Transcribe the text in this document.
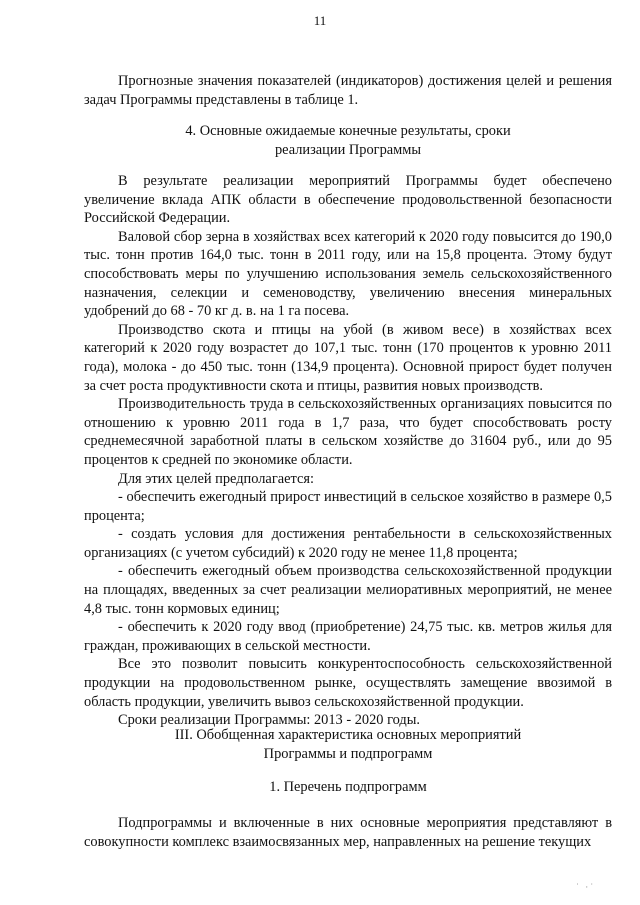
11

Прогнозные значения показателей (индикаторов) достижения целей и решения задач Программы представлены в таблице 1.

4. Основные ожидаемые конечные результаты, сроки

реализации Программы

В результате реализации мероприятий Программы будет обеспечено увеличение вклада АПК области в обеспечение продовольственной безопасности Российской Федерации.

Валовой сбор зерна в хозяйствах всех категорий к 2020 году повысится до 190,0 тыс. тонн против 164,0 тыс. тонн в 2011 году, или на 15,8 процента. Этому будут способствовать меры по улучшению использования земель сельскохозяйственного назначения, селекции и семеноводству, увеличению внесения минеральных удобрений до 68 - 70 кг д. в. на 1 га посева.

Производство скота и птицы на убой (в живом весе) в хозяйствах всех категорий к 2020 году возрастет до 107,1 тыс. тонн (170 процентов к уровню 2011 года), молока - до 450 тыс. тонн (134,9 процента). Основной прирост будет получен за счет роста продуктивности скота и птицы, развития новых производств.

Производительность труда в сельскохозяйственных организациях повысится по отношению к уровню 2011 года в 1,7 раза, что будет способствовать росту среднемесячной заработной платы в сельском хозяйстве до 31604 руб., или до 95 процентов к средней по экономике области.

Для этих целей предполагается:

- обеспечить ежегодный прирост инвестиций в сельское хозяйство в размере 0,5 процента;

- создать условия для достижения рентабельности в сельскохозяйственных организациях (с учетом субсидий) к 2020 году не менее 11,8 процента;

- обеспечить ежегодный объем производства сельскохозяйственной продукции на площадях, введенных за счет реализации мелиоративных мероприятий, не менее 4,8 тыс. тонн кормовых единиц;

- обеспечить к 2020 году ввод (приобретение) 24,75 тыс. кв. метров жилья для граждан, проживающих в сельской местности.

Все это позволит повысить конкурентоспособность сельскохозяйственной продукции на продовольственном рынке, осуществлять замещение ввозимой в область продукции, увеличить вывоз сельскохозяйственной продукции.

Сроки реализации Программы: 2013 - 2020 годы.

III. Обобщенная характеристика основных мероприятий

Программы и подпрограмм

1. Перечень подпрограмм

Подпрограммы и включенные в них основные мероприятия представляют в совокупности комплекс взаимосвязанных мер, направленных на решение текущих

˙ ·˙
